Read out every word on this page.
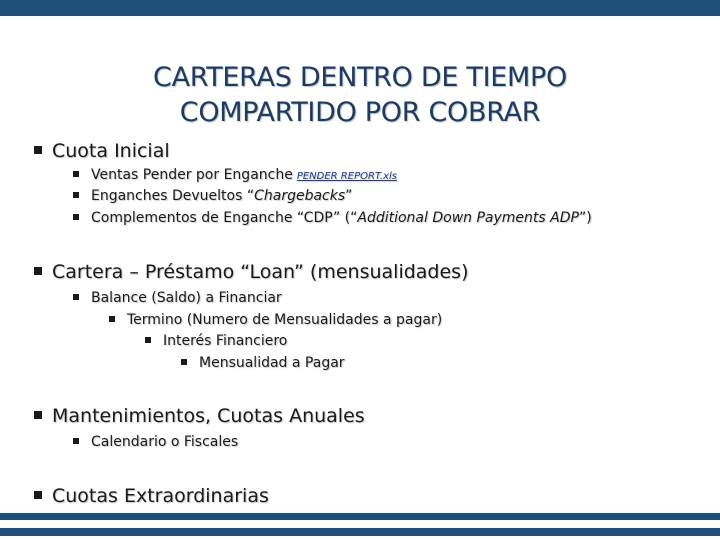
CARTERAS DENTRO DE TIEMPO
COMPARTIDO POR COBRAR
Cuota Inicial
Ventas Pender por Enganche PENDER REPORT.xls
Enganches Devueltos “Chargebacks”
Complementos de Enganche “CDP” (“Additional Down Payments ADP”)
Cartera – Préstamo “Loan” (mensualidades)
Balance (Saldo) a Financiar
Termino (Numero de Mensualidades a pagar)
Interés Financiero
Mensualidad a Pagar
Mantenimientos, Cuotas Anuales
Calendario o Fiscales
Cuotas Extraordinarias
